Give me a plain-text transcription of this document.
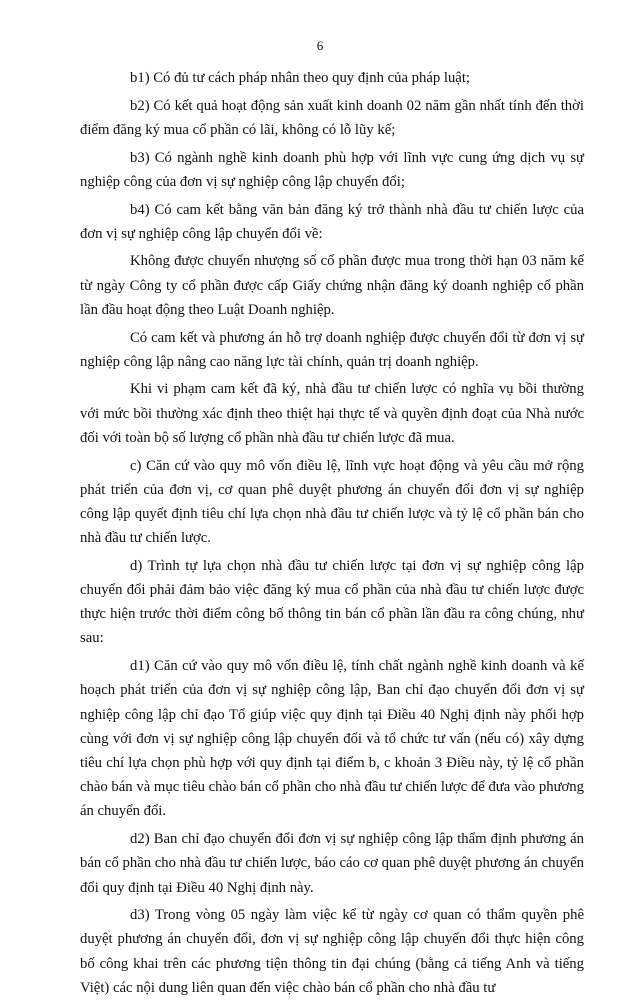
6

b1) Có đủ tư cách pháp nhân theo quy định của pháp luật;

b2) Có kết quả hoạt động sản xuất kinh doanh 02 năm gần nhất tính đến thời điểm đăng ký mua cổ phần có lãi, không có lỗ lũy kế;

b3) Có ngành nghề kinh doanh phù hợp với lĩnh vực cung ứng dịch vụ sự nghiệp công của đơn vị sự nghiệp công lập chuyển đổi;

b4) Có cam kết bằng văn bản đăng ký trở thành nhà đầu tư chiến lược của đơn vị sự nghiệp công lập chuyển đổi về:

Không được chuyển nhượng số cổ phần được mua trong thời hạn 03 năm kể từ ngày Công ty cổ phần được cấp Giấy chứng nhận đăng ký doanh nghiệp cổ phần lần đầu hoạt động theo Luật Doanh nghiệp.

Có cam kết và phương án hỗ trợ doanh nghiệp được chuyển đổi từ đơn vị sự nghiệp công lập nâng cao năng lực tài chính, quản trị doanh nghiệp.

Khi vi phạm cam kết đã ký, nhà đầu tư chiến lược có nghĩa vụ bồi thường với mức bồi thường xác định theo thiệt hại thực tế và quyền định đoạt của Nhà nước đối với toàn bộ số lượng cổ phần nhà đầu tư chiến lược đã mua.

c) Căn cứ vào quy mô vốn điều lệ, lĩnh vực hoạt động và yêu cầu mở rộng phát triển của đơn vị, cơ quan phê duyệt phương án chuyển đổi đơn vị sự nghiệp công lập quyết định tiêu chí lựa chọn nhà đầu tư chiến lược và tỷ lệ cổ phần bán cho nhà đầu tư chiến lược.

d) Trình tự lựa chọn nhà đầu tư chiến lược tại đơn vị sự nghiệp công lập chuyển đổi phải đảm bảo việc đăng ký mua cổ phần của nhà đầu tư chiến lược được thực hiện trước thời điểm công bố thông tin bán cổ phần lần đầu ra công chúng, như sau:

d1) Căn cứ vào quy mô vốn điều lệ, tính chất ngành nghề kinh doanh và kế hoạch phát triển của đơn vị sự nghiệp công lập, Ban chỉ đạo chuyển đổi đơn vị sự nghiệp công lập chỉ đạo Tổ giúp việc quy định tại Điều 40 Nghị định này phối hợp cùng với đơn vị sự nghiệp công lập chuyển đổi và tổ chức tư vấn (nếu có) xây dựng tiêu chí lựa chọn phù hợp với quy định tại điểm b, c khoản 3 Điều này, tỷ lệ cổ phần chào bán và mục tiêu chào bán cổ phần cho nhà đầu tư chiến lược để đưa vào phương án chuyển đổi.

d2) Ban chỉ đạo chuyển đổi đơn vị sự nghiệp công lập thẩm định phương án bán cổ phần cho nhà đầu tư chiến lược, báo cáo cơ quan phê duyệt phương án chuyển đổi quy định tại Điều 40 Nghị định này.

d3) Trong vòng 05 ngày làm việc kể từ ngày cơ quan có thẩm quyền phê duyệt phương án chuyển đổi, đơn vị sự nghiệp công lập chuyển đổi thực hiện công bố công khai trên các phương tiện thông tin đại chúng (bằng cả tiếng Anh và tiếng Việt) các nội dung liên quan đến việc chào bán cổ phần cho nhà đầu tư
